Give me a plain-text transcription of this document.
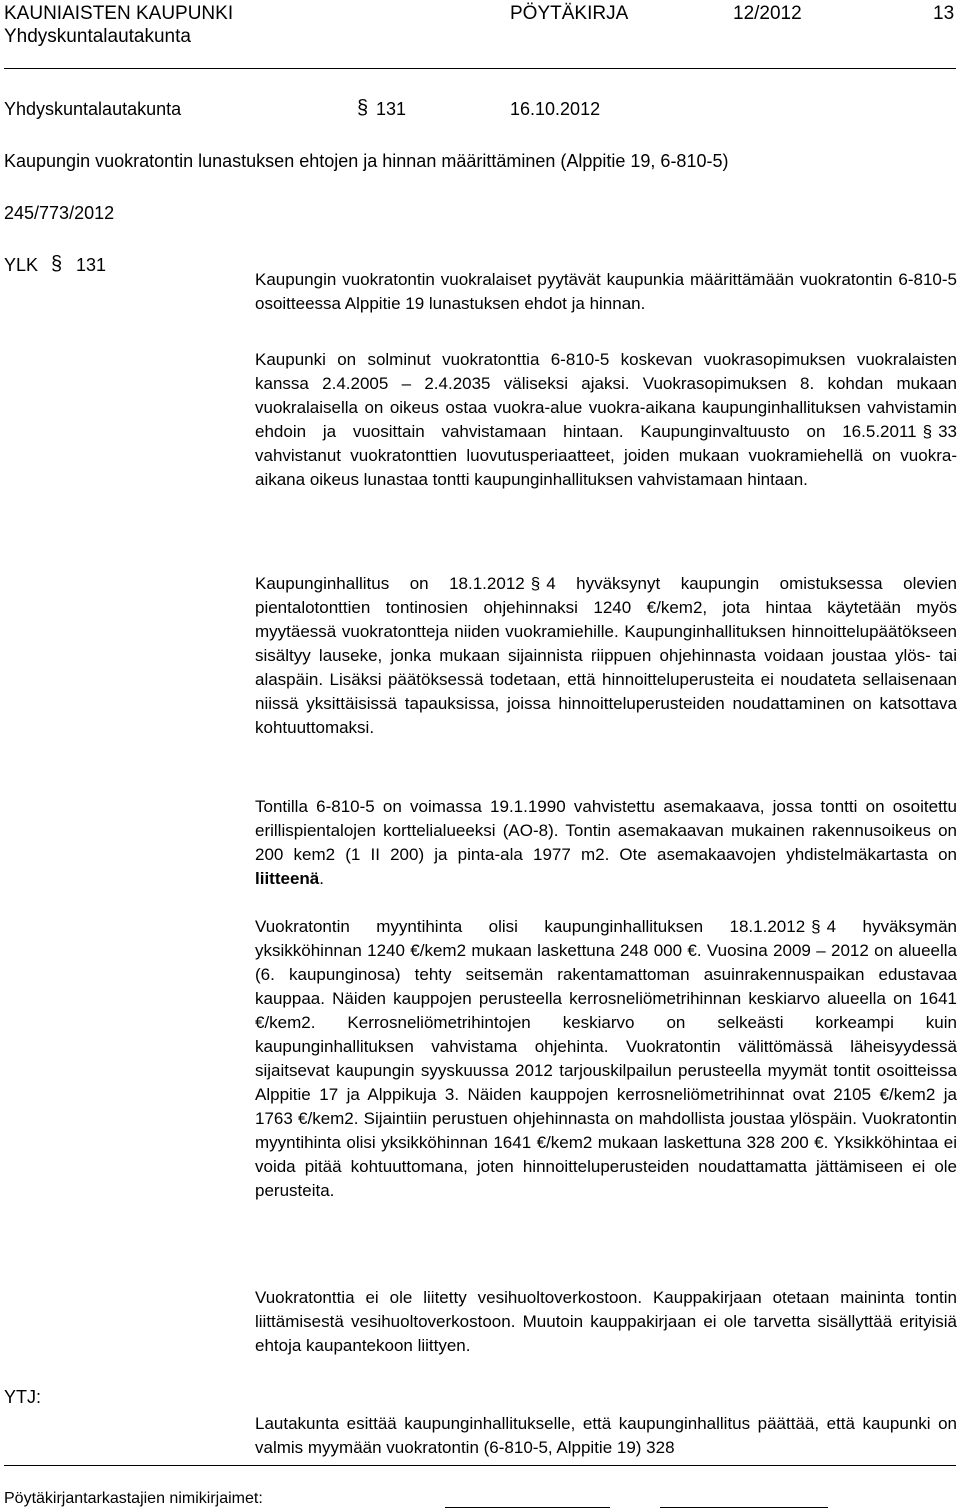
KAUNIAISTEN KAUPUNKI	PÖYTÄKIRJA	12/2012	13
Yhdyskuntalautakunta
Yhdyskuntalautakunta	§ 131	16.10.2012
Kaupungin vuokratontin lunastuksen ehtojen ja hinnan määrittäminen (Alppitie 19, 6-810-5)
245/773/2012
YLK § 131
Kaupungin vuokratontin vuokralaiset pyytävät kaupunkia määrittämään vuokratontin 6-810-5 osoitteessa Alppitie 19 lunastuksen ehdot ja hinnan.
Kaupunki on solminut vuokratonttia 6-810-5 koskevan vuokrasopimuksen vuokralaisten kanssa 2.4.2005 – 2.4.2035 väliseksi ajaksi. Vuokrasopimuksen 8. kohdan mukaan vuokralaisella on oikeus ostaa vuokra-alue vuokra-aikana kaupunginhallituksen vahvistamin ehdoin ja vuosittain vahvistamaan hintaan. Kaupunginvaltuusto on 16.5.2011 § 33 vahvistanut vuokratonttien luovutusperiaatteet, joiden mukaan vuokramiehellä on vuokra-aikana oikeus lunastaa tontti kaupunginhallituksen vahvistamaan hintaan.
Kaupunginhallitus on 18.1.2012 § 4 hyväksynyt kaupungin omistuksessa olevien pientalotonttien tontinosien ohjehinnaksi 1240 €/kem2, jota hintaa käytetään myös myytäessä vuokratontteja niiden vuokramiehille. Kaupunginhallituksen hinnoittelupäätökseen sisältyy lauseke, jonka mukaan sijainnista riippuen ohjehinnasta voidaan joustaa ylös- tai alaspäin. Lisäksi päätöksessä todetaan, että hinnoitteluperusteita ei noudateta sellaisenaan niissä yksittäisissä tapauksissa, joissa hinnoitteluperusteiden noudattaminen on katsottava kohtuuttomaksi.
Tontilla 6-810-5 on voimassa 19.1.1990 vahvistettu asemakaava, jossa tontti on osoitettu erillispientalojen korttelialueeksi (AO-8). Tontin asemakaavan mukainen rakennusoikeus on 200 kem2 (1 II 200) ja pinta-ala 1977 m2. Ote asemakaavojen yhdistelmäkartasta on liitteenä.
Vuokratontin myyntihinta olisi kaupunginhallituksen 18.1.2012 § 4 hyväksymän yksikköhinnan 1240 €/kem2 mukaan laskettuna 248 000 €. Vuosina 2009 – 2012 on alueella (6. kaupunginosa) tehty seitsemän rakentamattoman asuinrakennuspaikan edustavaa kauppaa. Näiden kauppojen perusteella kerrosneliömetrihinnan keskiarvo alueella on 1641 €/kem2. Kerrosneliömetrihintojen keskiarvo on selkeästi korkeampi kuin kaupunginhallituksen vahvistama ohjehinta. Vuokratontin välittömässä läheisyydessä sijaitsevat kaupungin syyskuussa 2012 tarjouskilpailun perusteella myymät tontit osoitteissa Alppitie 17 ja Alppikuja 3. Näiden kauppojen kerrosneliömetrihinnat ovat 2105 €/kem2 ja 1763 €/kem2. Sijaintiin perustuen ohjehinnasta on mahdollista joustaa ylöspäin. Vuokratontin myyntihinta olisi yksikköhinnan 1641 €/kem2 mukaan laskettuna 328 200 €. Yksikköhintaa ei voida pitää kohtuuttomana, joten hinnoitteluperusteiden noudattamatta jättämiseen ei ole perusteita.
Vuokratonttia ei ole liitetty vesihuoltoverkostoon. Kauppakirjaan otetaan maininta tontin liittämisestä vesihuoltoverkostoon. Muutoin kauppakirjaan ei ole tarvetta sisällyttää erityisiä ehtoja kaupantekoon liittyen.
YTJ:
Lautakunta esittää kaupunginhallitukselle, että kaupunginhallitus päättää, että kaupunki on valmis myymään vuokratontin (6-810-5, Alppitie 19) 328
Pöytäkirjantarkastajien nimikirjaimet:
